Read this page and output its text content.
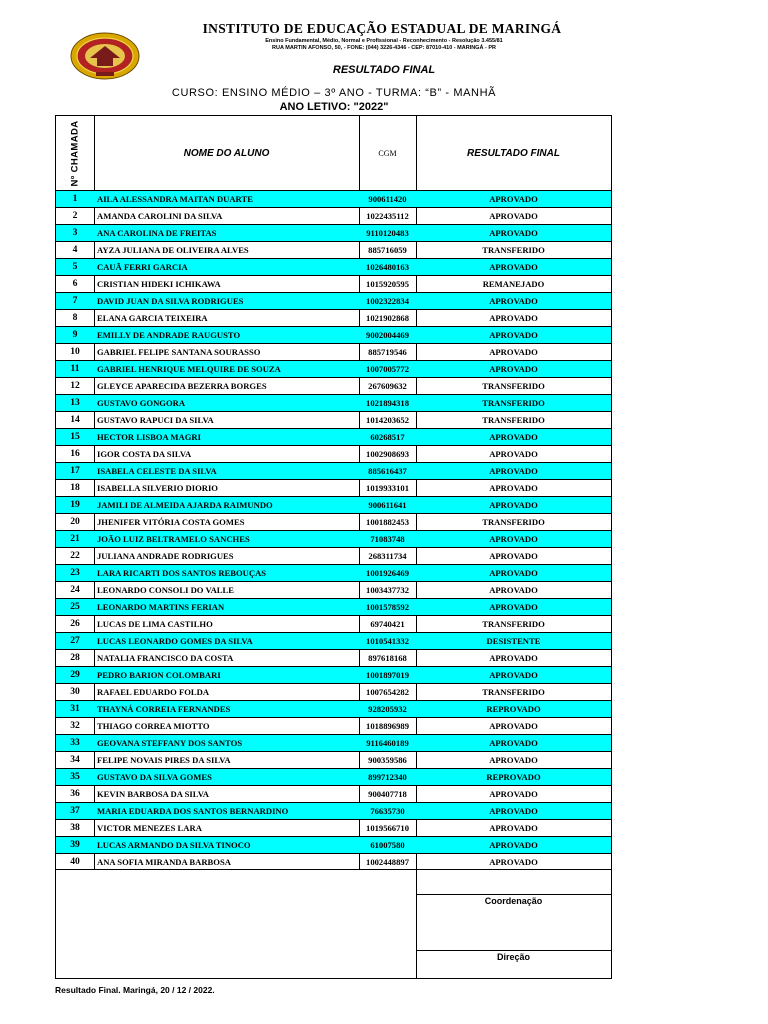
INSTITUTO DE EDUCAÇÃO ESTADUAL DE MARINGÁ
Ensino Fundamental, Médio, Normal e Profissional - Reconhecimento - Resolução 3.455/81
RUA MARTIN AFONSO, 50, - FONE: (044) 3226-4346 - CEP: 87010-410 - MARINGÁ - PR
RESULTADO FINAL
CURSO: ENSINO MÉDIO – 3º ANO - TURMA: “B” - MANHÃ
ANO LETIVO: "2022"
Nº CHAMADA	NOME DO ALUNO	CGM	RESULTADO FINAL
1	AILA ALESSANDRA MAITAN DUARTE	900611420	APROVADO
2	AMANDA CAROLINI DA SILVA	1022435112	APROVADO
3	ANA CAROLINA DE FREITAS	9110120483	APROVADO
4	AYZA JULIANA DE OLIVEIRA ALVES	885716059	TRANSFERIDO
5	CAUÃ FERRI GARCIA	1026480163	APROVADO
6	CRISTIAN HIDEKI ICHIKAWA	1015920595	REMANEJADO
7	DAVID JUAN DA SILVA RODRIGUES	1002322834	APROVADO
8	ELANA GARCIA TEIXEIRA	1021902868	APROVADO
9	EMILLY DE ANDRADE RAUGUSTO	9002004469	APROVADO
10	GABRIEL FELIPE SANTANA SOURASSO	885719546	APROVADO
11	GABRIEL HENRIQUE MELQUIRE DE SOUZA	1007005772	APROVADO
12	GLEYCE APARECIDA BEZERRA BORGES	267609632	TRANSFERIDO
13	GUSTAVO GONGORA	1021894318	TRANSFERIDO
14	GUSTAVO RAPUCI DA SILVA	1014203652	TRANSFERIDO
15	HECTOR LISBOA MAGRI	60268517	APROVADO
16	IGOR COSTA DA SILVA	1002908693	APROVADO
17	ISABELA CELESTE DA SILVA	885616437	APROVADO
18	ISABELLA SILVERIO DIORIO	1019933101	APROVADO
19	JAMILI DE ALMEIDA AJARDA RAIMUNDO	900611641	APROVADO
20	JHENIFER VITÓRIA COSTA GOMES	1001882453	TRANSFERIDO
21	JOÃO LUIZ BELTRAMELO SANCHES	71083748	APROVADO
22	JULIANA ANDRADE RODRIGUES	268311734	APROVADO
23	LARA RICARTI DOS SANTOS REBOUÇAS	1001926469	APROVADO
24	LEONARDO CONSOLI DO VALLE	1003437732	APROVADO
25	LEONARDO MARTINS FERIAN	1001578592	APROVADO
26	LUCAS DE LIMA CASTILHO	69740421	TRANSFERIDO
27	LUCAS LEONARDO GOMES DA SILVA	1010541332	DESISTENTE
28	NATALIA FRANCISCO DA COSTA	897618168	APROVADO
29	PEDRO BARION COLOMBARI	1001897019	APROVADO
30	RAFAEL EDUARDO FOLDA	1007654282	TRANSFERIDO
31	THAYNÁ CORREIA FERNANDES	928205932	REPROVADO
32	THIAGO CORREA MIOTTO	1018896989	APROVADO
33	GEOVANA STEFFANY DOS SANTOS	9116460189	APROVADO
34	FELIPE NOVAIS PIRES DA SILVA	900359586	APROVADO
35	GUSTAVO DA SILVA GOMES	899712340	REPROVADO
36	KEVIN BARBOSA DA SILVA	900407718	APROVADO
37	MARIA EDUARDA DOS SANTOS BERNARDINO	76635730	APROVADO
38	VICTOR MENEZES LARA	1019566710	APROVADO
39	LUCAS ARMANDO DA SILVA TINOCO	61007580	APROVADO
40	ANA SOFIA MIRANDA BARBOSA	1002448897	APROVADO
Coordenação
Direção
Resultado Final. Maringá, 20 / 12 / 2022.
